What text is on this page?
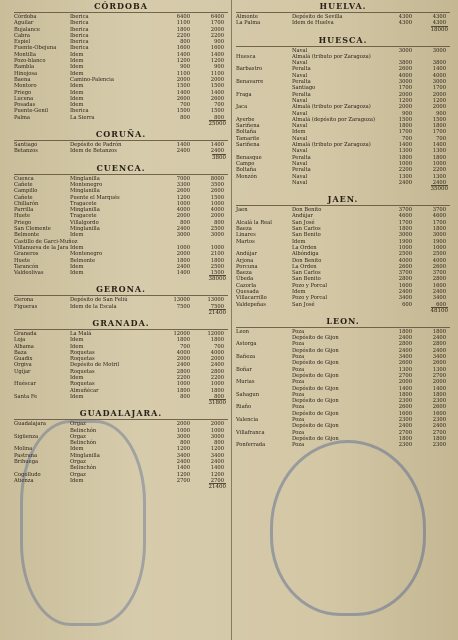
CÓRDOBA
Córdoba	Iberica	6400	6400
Aguilar	Iberica	1100	1700
Bujalance	Iberica	1800	2000
Cabra	Iberica	2200	2200
Espiel	Iberica	800	900
Fuente-Obejuna	Iberica	1600	1600
Montilla	Idem	1400	1400
Pozo-blanco	Idem	1200	1200
Rambla	Idem	900	900
Hinojosa	Idem	1100	1100
Baena	Camino-Palencia	2000	2000
Montoro	Idem	1500	1500
Priego	Idem	1400	1400
Lucena	Idem	2600	2600
Posadas	Idem	700	700
Puente-Genil	Iberica	1500	1500
Palma	La Sierra	800	800
25000
CORUÑA.
Santiago	Depósito de Padrón	1400	1400
Betanzos	Idem de Betanzos	2400	2400
3800
CUENCA.
Cuenca	Minglanilla	7000	8000
Cañete	Montenegro	3300	3500
Campillo	Minglanilla	2600	2600
Cañete	Puente el Marqués	1200	1500
Chillarón	Tragacete	1000	1000
Parrilla	Minglanilla	4000	4000
Huete	Tragacete	2000	2000
Priego	Villalgordo	800	800
San Clemente	Minglanilla	2400	2500
Belmonte	Idem	3000	3000
Castillo de Garci-Muñoz
Villanueva de la Jara Idem	1000	1000
Graneros	Montenegro	2000	2100
Huete	Belmonte	1800	1800
Tarancón	Idem	2400	2500
Valdeolivas	Idem	1400	1500
38000
GERONA.
Gerona	Depósito de San Feliú	13000	13000
Figueras	Idem de la Escala	7500	7500
21400
GRANADA.
Granada	La Malá	12000	12000
Loja	Idem	1800	1800
Alhama	Idem	700	700
Baza	Roquetas	4000	4000
Guadix	Roquetas	2000	2000
Orgiva	Depósito de Motril	2400	2400
Ugíjar	Roquetas	2800	2800
Idem	2200	2200
Huéscar	Roquetas	1000	1000
Almuñécar	1800	1800
Santa Fe	Idem	800	800
31800
GUADALAJARA.
Guadalajara	Orgaz	2000	2000
Belinchón	1000	1000
Sigüenza	Orgaz	3000	3000
Belinchón	800	800
Molina	Idem	1200	1200
Pastrana	Minglanilla	3400	3400
Brihuega	Orgaz	2400	2400
Belinchón	1400	1400
Cogolludo	Orgaz	1200	1200
Atienza	Idem	2700	2700
21400
HUELVA.
Almonte	Depósito de Sevilla	4300	4300
La Palma	Idem de Huelva	4300	4300
18000
HUESCA.
Naval	3000	3000
Huesca	Almalá (tributo por Zaragoza)
Naval	3800	3800
Barbastro	Peralta	2600	1400
Naval	4000	4000
Benavarre	Peralta	3000	3000
Santiago	1700	1700
Fraga	Peralta	2000	2000
Naval	1200	1200
Jaca	Almalá (tributo por Zaragoza)	2000	2000
Naval	900	900
Ayerbe	Almalá (depósito por Zaragoza)	1500	1500
Sariñena	Naval	1800	1800
Boltaña	Idem	1700	1700
Tamarite	Naval	700	700
Sariñena	Almalá (tributo por Zaragoza)	1400	1400
Naval	1300	1300
Benasque	Peralta	1800	1800
Campo	Naval	1000	1000
Boltaña	Peralta	2200	2200
Monzón	Naval	1300	1300
Naval	2400	2400
35000
JAEN.
Jaen	Don Benito	3700	3700
Andújar	4600	4600
Alcalá la Real	San José	1700	1700
Baeza	San Carlos	1800	1800
Linares	San Benito	3000	3000
Martos	Idem	1900	1900
La Orden	1000	1000
Andújar	Albóndiga	2500	2500
Arjona	Don Benito	4000	4000
Porcuna	La Orden	2600	2600
Baeza	San Carlos	3700	3700
Úbeda	San Benito	2800	2800
Cazorla	Pozo y Porcal	1600	1600
Quesada	Idem	2400	2400
Villacarrillo	Pozo y Porcal	3400	3400
Valdepeñas	San José	600	600
48100
LEON.
Leon	Poza	1800	1800
Depósito de Gijon	2400	2400
Astorga	Poza	2800	2800
Depósito de Gijon	2400	2400
Bañeza	Poza	3400	3400
Depósito de Gijon	2600	2600
Boñar	Poza	1300	1300
Depósito de Gijon	2700	2700
Murias	Poza	2000	2000
Depósito de Gijon	1400	1400
Sahagun	Poza	1800	1800
Depósito de Gijon	2300	2300
Riaño	Poza	2600	2600
Depósito de Gijon	1600	1600
Valencia	Poza	2300	2300
Depósito de Gijon	2400	2400
Villafranca	Poza	2700	2700
Depósito de Gijon	1800	1800
Ponferrada	Poza	2300	2300
